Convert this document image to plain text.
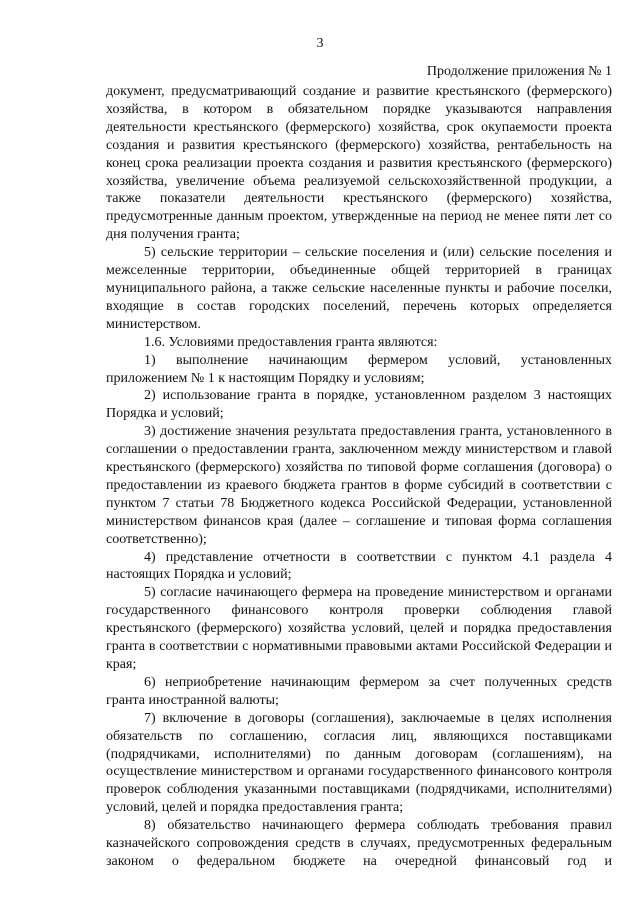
3
Продолжение приложения № 1

документ, предусматривающий создание и развитие крестьянского (фермерского) хозяйства, в котором в обязательном порядке указываются направления деятельности крестьянского (фермерского) хозяйства, срок окупаемости проекта создания и развития крестьянского (фермерского) хозяйства, рентабельность на конец срока реализации проекта создания и развития крестьянского (фермерского) хозяйства, увеличение объема реализуемой сельскохозяйственной продукции, а также показатели деятельности крестьянского (фермерского) хозяйства, предусмотренные данным проектом, утвержденные на период не менее пяти лет со дня получения гранта;

5) сельские территории – сельские поселения и (или) сельские поселения и межселенные территории, объединенные общей территорией в границах муниципального района, а также сельские населенные пункты и рабочие поселки, входящие в состав городских поселений, перечень которых определяется министерством.

1.6. Условиями предоставления гранта являются:

1) выполнение начинающим фермером условий, установленных приложением № 1 к настоящим Порядку и условиям;

2) использование гранта в порядке, установленном разделом 3 настоящих Порядка и условий;

3) достижение значения результата предоставления гранта, установленного в соглашении о предоставлении гранта, заключенном между министерством и главой крестьянского (фермерского) хозяйства по типовой форме соглашения (договора) о предоставлении из краевого бюджета грантов в форме субсидий в соответствии с пунктом 7 статьи 78 Бюджетного кодекса Российской Федерации, установленной министерством финансов края (далее – соглашение и типовая форма соглашения соответственно);

4) представление отчетности в соответствии с пунктом 4.1 раздела 4 настоящих Порядка и условий;

5) согласие начинающего фермера на проведение министерством и органами государственного финансового контроля проверки соблюдения главой крестьянского (фермерского) хозяйства условий, целей и порядка предоставления гранта в соответствии с нормативными правовыми актами Российской Федерации и края;

6) неприобретение начинающим фермером за счет полученных средств гранта иностранной валюты;

7) включение в договоры (соглашения), заключаемые в целях исполнения обязательств по соглашению, согласия лиц, являющихся поставщиками (подрядчиками, исполнителями) по данным договорам (соглашениям), на осуществление министерством и органами государственного финансового контроля проверок соблюдения указанными поставщиками (подрядчиками, исполнителями) условий, целей и порядка предоставления гранта;

8) обязательство начинающего фермера соблюдать требования правил казначейского сопровождения средств в случаях, предусмотренных федеральным законом о федеральном бюджете на очередной финансовый год и
